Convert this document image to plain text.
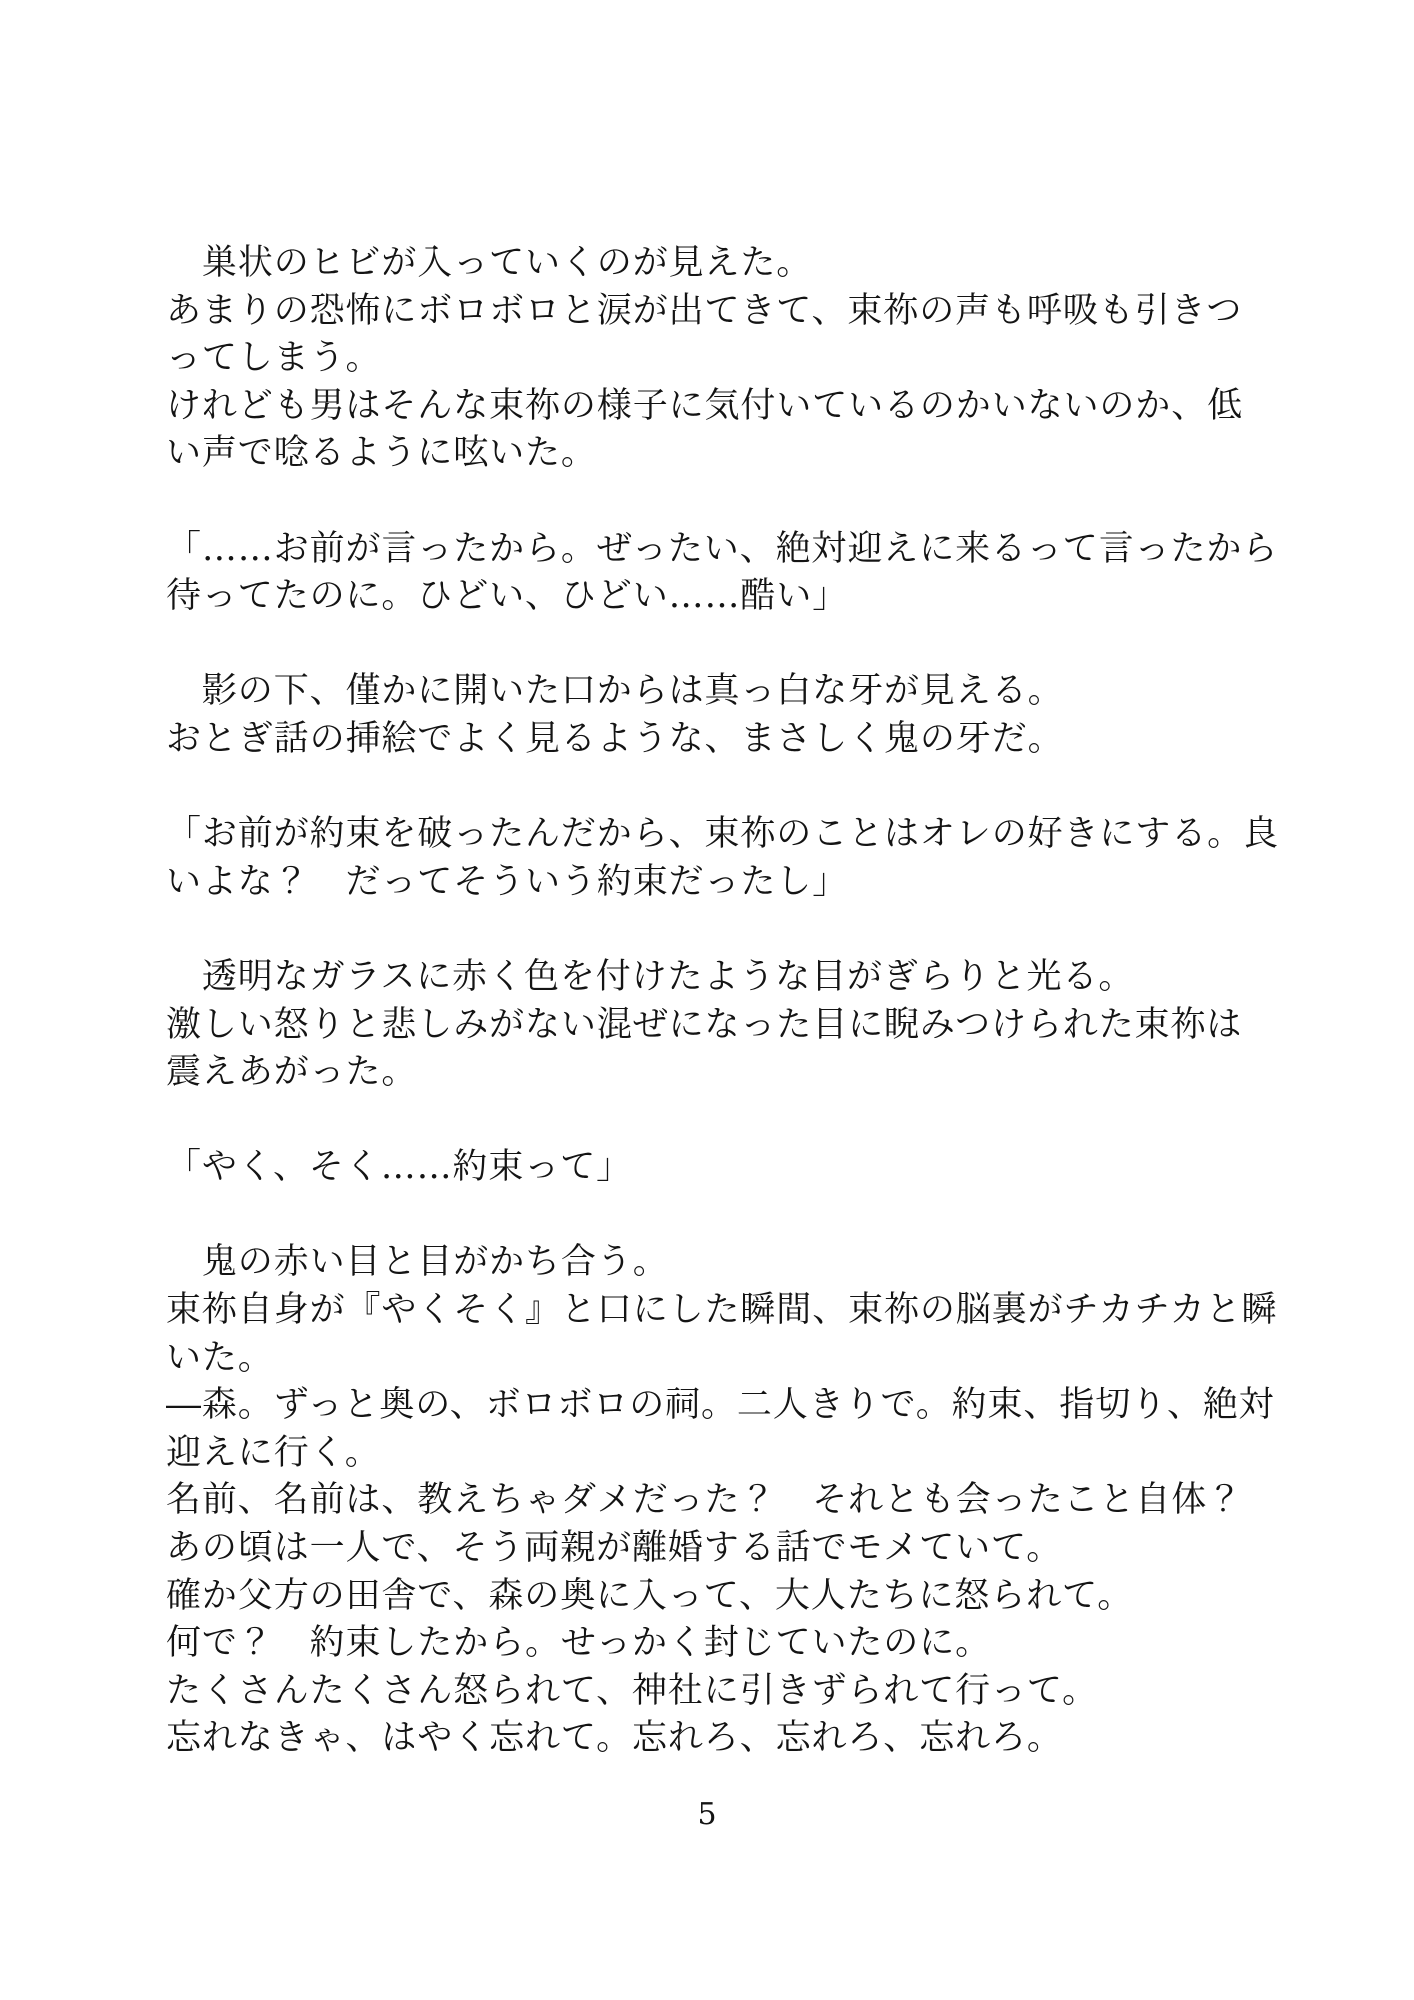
　巣状のヒビが入っていくのが見えた。
あまりの恐怖にボロボロと涙が出てきて、束祢の声も呼吸も引きつ
ってしまう。
けれども男はそんな束祢の様子に気付いているのかいないのか、低
い声で唸るように呟いた。
「……お前が言ったから。ぜったい、絶対迎えに来るって言ったから
待ってたのに。ひどい、ひどい……酷い」
　影の下、僅かに開いた口からは真っ白な牙が見える。
おとぎ話の挿絵でよく見るような、まさしく鬼の牙だ。
「お前が約束を破ったんだから、束祢のことはオレの好きにする。良
いよな？　だってそういう約束だったし」
　透明なガラスに赤く色を付けたような目がぎらりと光る。
激しい怒りと悲しみがない混ぜになった目に睨みつけられた束祢は
震えあがった。
「やく、そく……約束って」
　鬼の赤い目と目がかち合う。
束祢自身が『やくそく』と口にした瞬間、束祢の脳裏がチカチカと瞬
いた。
―森。ずっと奥の、ボロボロの祠。二人きりで。約束、指切り、絶対
迎えに行く。
名前、名前は、教えちゃダメだった？　それとも会ったこと自体？
あの頃は一人で、そう両親が離婚する話でモメていて。
確か父方の田舎で、森の奥に入って、大人たちに怒られて。
何で？　約束したから。せっかく封じていたのに。
たくさんたくさん怒られて、神社に引きずられて行って。
忘れなきゃ、はやく忘れて。忘れろ、忘れろ、忘れろ。
5
